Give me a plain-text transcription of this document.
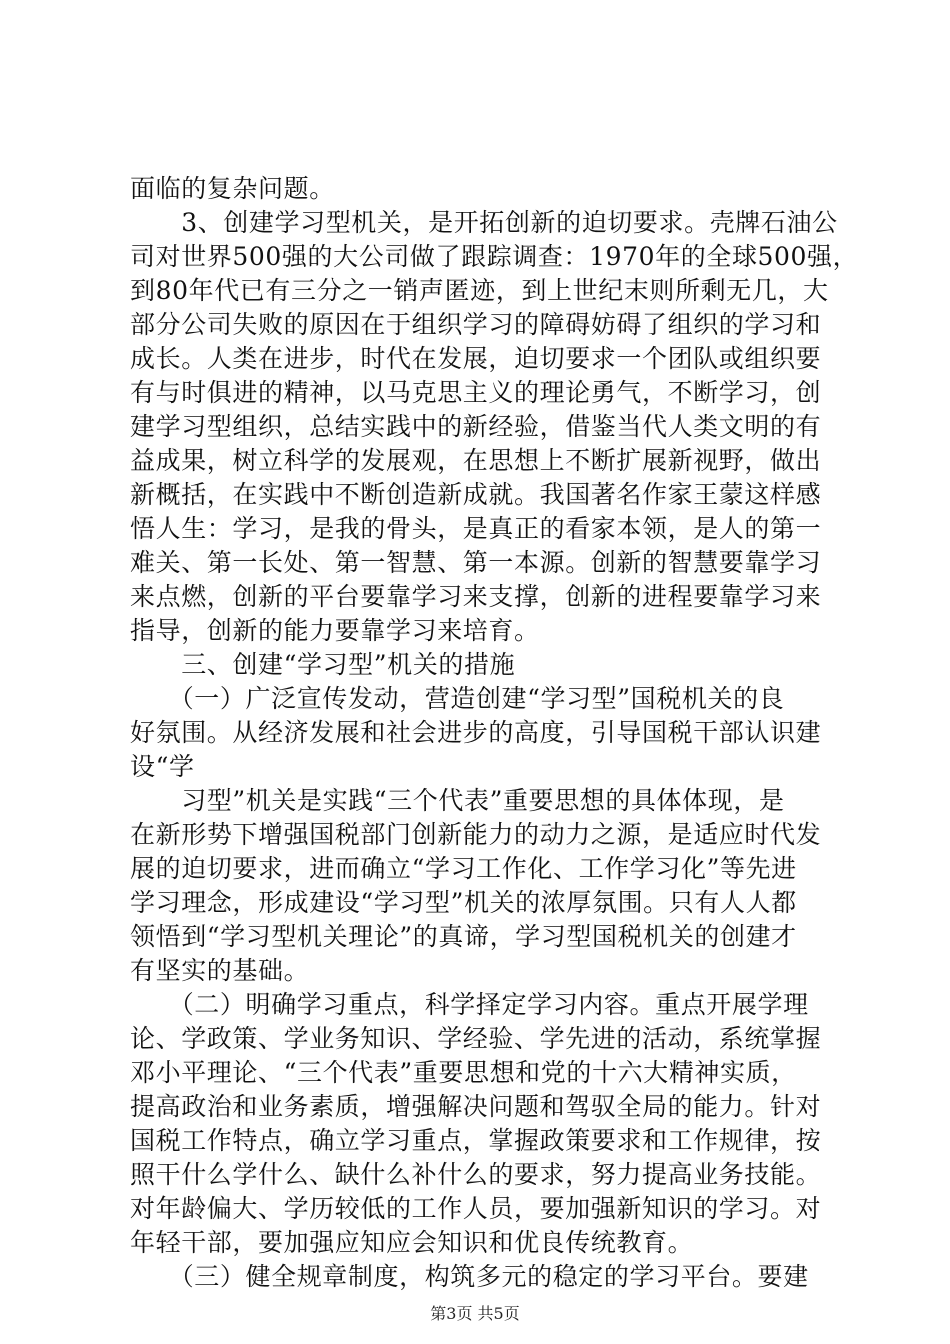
面临的复杂问题。
　　3、创建学习型机关，是开拓创新的迫切要求。壳牌石油公
司对世界500强的大公司做了跟踪调查：1970年的全球500强，
到80年代已有三分之一销声匿迹，到上世纪末则所剩无几，大
部分公司失败的原因在于组织学习的障碍妨碍了组织的学习和
成长。人类在进步，时代在发展，迫切要求一个团队或组织要
有与时俱进的精神，以马克思主义的理论勇气，不断学习，创
建学习型组织，总结实践中的新经验，借鉴当代人类文明的有
益成果，树立科学的发展观，在思想上不断扩展新视野，做出
新概括，在实践中不断创造新成就。我国著名作家王蒙这样感
悟人生：学习，是我的骨头，是真正的看家本领，是人的第一
难关、第一长处、第一智慧、第一本源。创新的智慧要靠学习
来点燃，创新的平台要靠学习来支撑，创新的进程要靠学习来
指导，创新的能力要靠学习来培育。
　　三、创建“学习型”机关的措施
　　（一）广泛宣传发动，营造创建“学习型”国税机关的良
好氛围。从经济发展和社会进步的高度，引导国税干部认识建
设“学
　　习型”机关是实践“三个代表”重要思想的具体体现，是
在新形势下增强国税部门创新能力的动力之源，是适应时代发
展的迫切要求，进而确立“学习工作化、工作学习化”等先进
学习理念，形成建设“学习型”机关的浓厚氛围。只有人人都
领悟到“学习型机关理论”的真谛，学习型国税机关的创建才
有坚实的基础。
　　（二）明确学习重点，科学择定学习内容。重点开展学理
论、学政策、学业务知识、学经验、学先进的活动，系统掌握
邓小平理论、“三个代表”重要思想和党的十六大精神实质，
提高政治和业务素质，增强解决问题和驾驭全局的能力。针对
国税工作特点，确立学习重点，掌握政策要求和工作规律，按
照干什么学什么、缺什么补什么的要求，努力提高业务技能。
对年龄偏大、学历较低的工作人员，要加强新知识的学习。对
年轻干部，要加强应知应会知识和优良传统教育。
　　（三）健全规章制度，构筑多元的稳定的学习平台。要建
第3页 共5页
